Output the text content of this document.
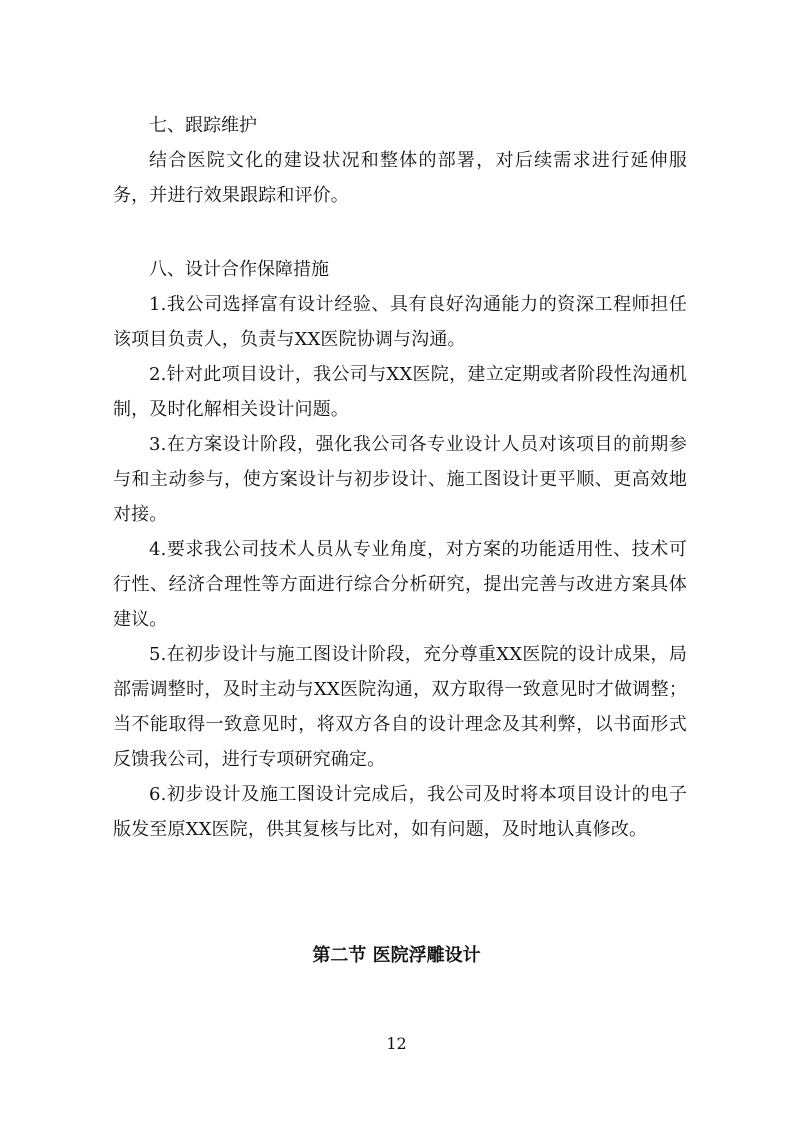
七、跟踪维护

结合医院文化的建设状况和整体的部署，对后续需求进行延伸服务，并进行效果跟踪和评价。

八、设计合作保障措施

1.我公司选择富有设计经验、具有良好沟通能力的资深工程师担任该项目负责人，负责与XX医院协调与沟通。

2.针对此项目设计，我公司与XX医院，建立定期或者阶段性沟通机制，及时化解相关设计问题。

3.在方案设计阶段，强化我公司各专业设计人员对该项目的前期参与和主动参与，使方案设计与初步设计、施工图设计更平顺、更高效地对接。

4.要求我公司技术人员从专业角度，对方案的功能适用性、技术可行性、经济合理性等方面进行综合分析研究，提出完善与改进方案具体建议。

5.在初步设计与施工图设计阶段，充分尊重XX医院的设计成果，局部需调整时，及时主动与XX医院沟通，双方取得一致意见时才做调整；当不能取得一致意见时，将双方各自的设计理念及其利弊，以书面形式反馈我公司，进行专项研究确定。

6.初步设计及施工图设计完成后，我公司及时将本项目设计的电子版发至原XX医院，供其复核与比对，如有问题，及时地认真修改。

第二节 医院浮雕设计

12
